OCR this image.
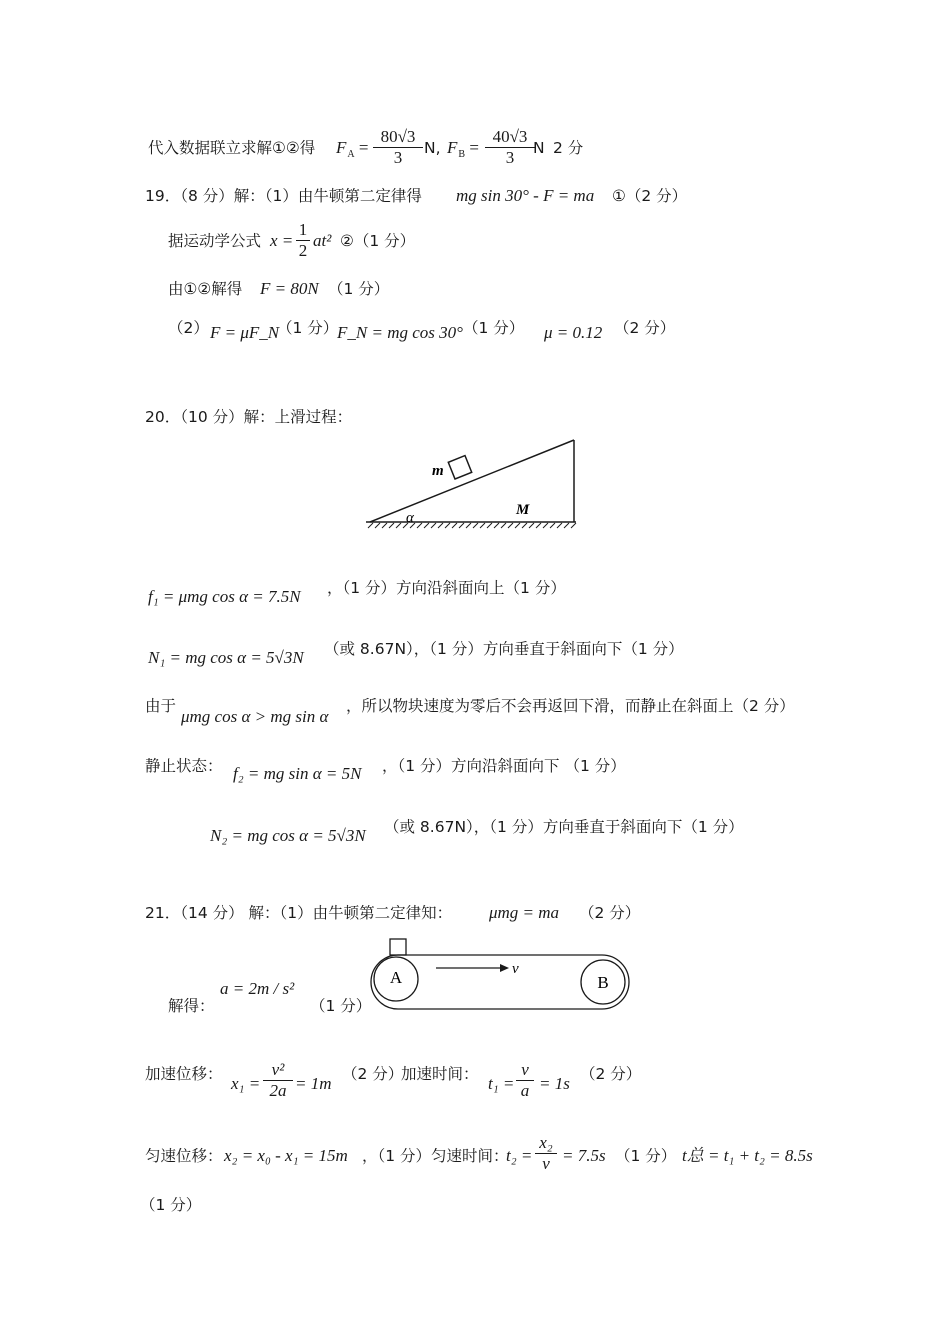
代入数据联立求解①②得 $F_A = \frac{80√3}{3} N$, $F_B = \frac{40√3}{3}$
N 2 分
19．（8 分）解：（1）由牛顿第二定律得 mg sin 30° - F = ma ①（2 分）
据运动学公式 $x = \frac{1}{2} at^2$ ②（1 分）
由①②解得 F = 80N （1 分）
（2） F = μF_N
（1 分）
F_N = mg cos 30° （1 分） μ = 0.12 （2 分）
20．（10 分）解：上滑过程：
m
M
α
f₁ = μmg cos α = 7.5N ，（1 分）方向沿斜面向上（1 分）
N₁ = mg cos α = 5√3N （或 8.67N），（1 分）方向垂直于斜面向下（1 分）
由于
μmg cos α > mg sin α
，所以物块速度为零后不会再返回下滑，而静止在斜面上（2 分）
静止状态： f₂ = mg sin α = 5N ，（1 分）方向沿斜面向下 （1 分）
N₂ = mg cos α = 5√3N （或 8.67N），（1 分）方向垂直于斜面向下（1 分）
21．（14 分） 解：（1）由牛顿第二定律知： μmg = ma （2 分）
A	B
v
a = 2m / s²
解得：	（1 分）
加速位移： $x_1 = \frac{\text{v²}}{2a} = 1m$ （2 分）
加速时间： $t_1 = \frac{v}{a} = 1s$ （2 分）
匀速位移： x₂ = x₀ - x₁ = 15m ，（1 分）匀速时间：
$t_2 = \frac{\text{x₂}}{v} = 7.5s$ （1 分） t总 = t₁ + t₂ = 8.5s
（1 分）
